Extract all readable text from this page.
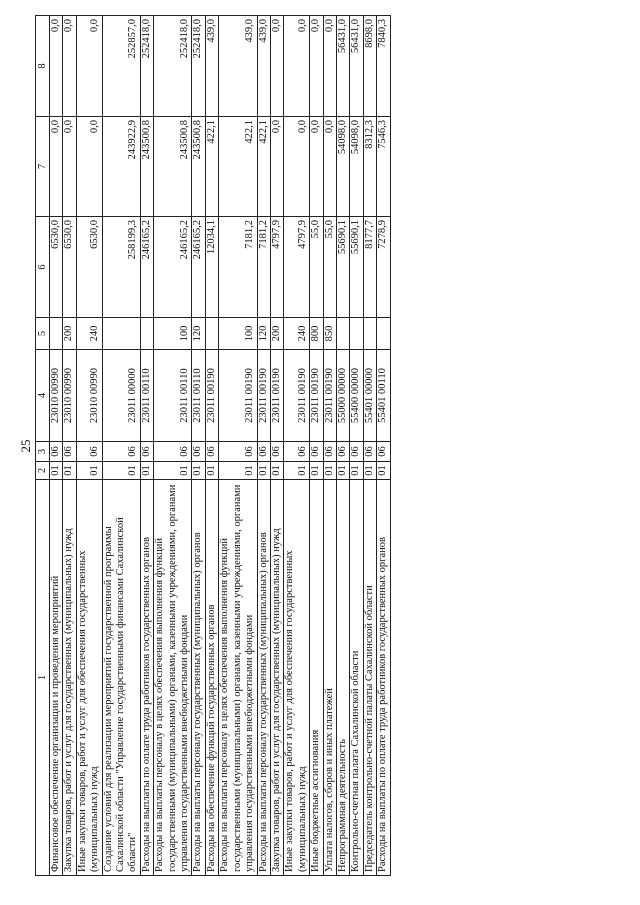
25
1	2	3	4	5	6	7	8
Финансовое обеспечение организации и проведения мероприятий	01	06	23010 00990		6530,0	0,0	0,0
Закупка товаров, работ и услуг для государственных (муниципальных) нужд	01	06	23010 00990	200	6530,0	0,0	0,0
Иные закупки товаров, работ и услуг для обеспечения государственных (муниципальных) нужд	01	06	23010 00990	240	6530,0	0,0	0,0
Создание условий для реализации мероприятий государственной программы Сахалинской области "Управление государственными финансами Сахалинской области"	01	06	23011 00000		258199,3	243922,9	252857,0
Расходы на выплаты по оплате труда работников государственных органов	01	06	23011 00110		246165,2	243500,8	252418,0
Расходы на выплаты персоналу в целях обеспечения выполнения функций государственными (муниципальными) органами, казенными учреждениями, органами управления государственными внебюджетными фондами	01	06	23011 00110	100	246165,2	243500,8	252418,0
Расходы на выплаты персоналу государственных (муниципальных) органов	01	06	23011 00110	120	246165,2	243500,8	252418,0
Расходы на обеспечение функций государственных органов	01	06	23011 00190		12034,1	422,1	439,0
Расходы на выплаты персоналу в целях обеспечения выполнения функций государственными (муниципальными) органами, казенными учреждениями, органами управления государственными внебюджетными фондами	01	06	23011 00190	100	7181,2	422,1	439,0
Расходы на выплаты персоналу государственных (муниципальных) органов	01	06	23011 00190	120	7181,2	422,1	439,0
Закупка товаров, работ и услуг для государственных (муниципальных) нужд	01	06	23011 00190	200	4797,9	0,0	0,0
Иные закупки товаров, работ и услуг для обеспечения государственных (муниципальных) нужд	01	06	23011 00190	240	4797,9	0,0	0,0
Иные бюджетные ассигнования	01	06	23011 00190	800	55,0	0,0	0,0
Уплата налогов, сборов и иных платежей	01	06	23011 00190	850	55,0	0,0	0,0
Непрограммная деятельность	01	06	55000 00000		55690,1	54098,0	56431,0
Контрольно-счетная палата Сахалинской области	01	06	55400 00000		55690,1	54098,0	56431,0
Председатель контрольно-счетной палаты Сахалинской области	01	06	55401 00000		8177,7	8312,3	8698,0
Расходы на выплаты по оплате труда работников государственных органов	01	06	55401 00110		7278,9	7546,3	7840,3
